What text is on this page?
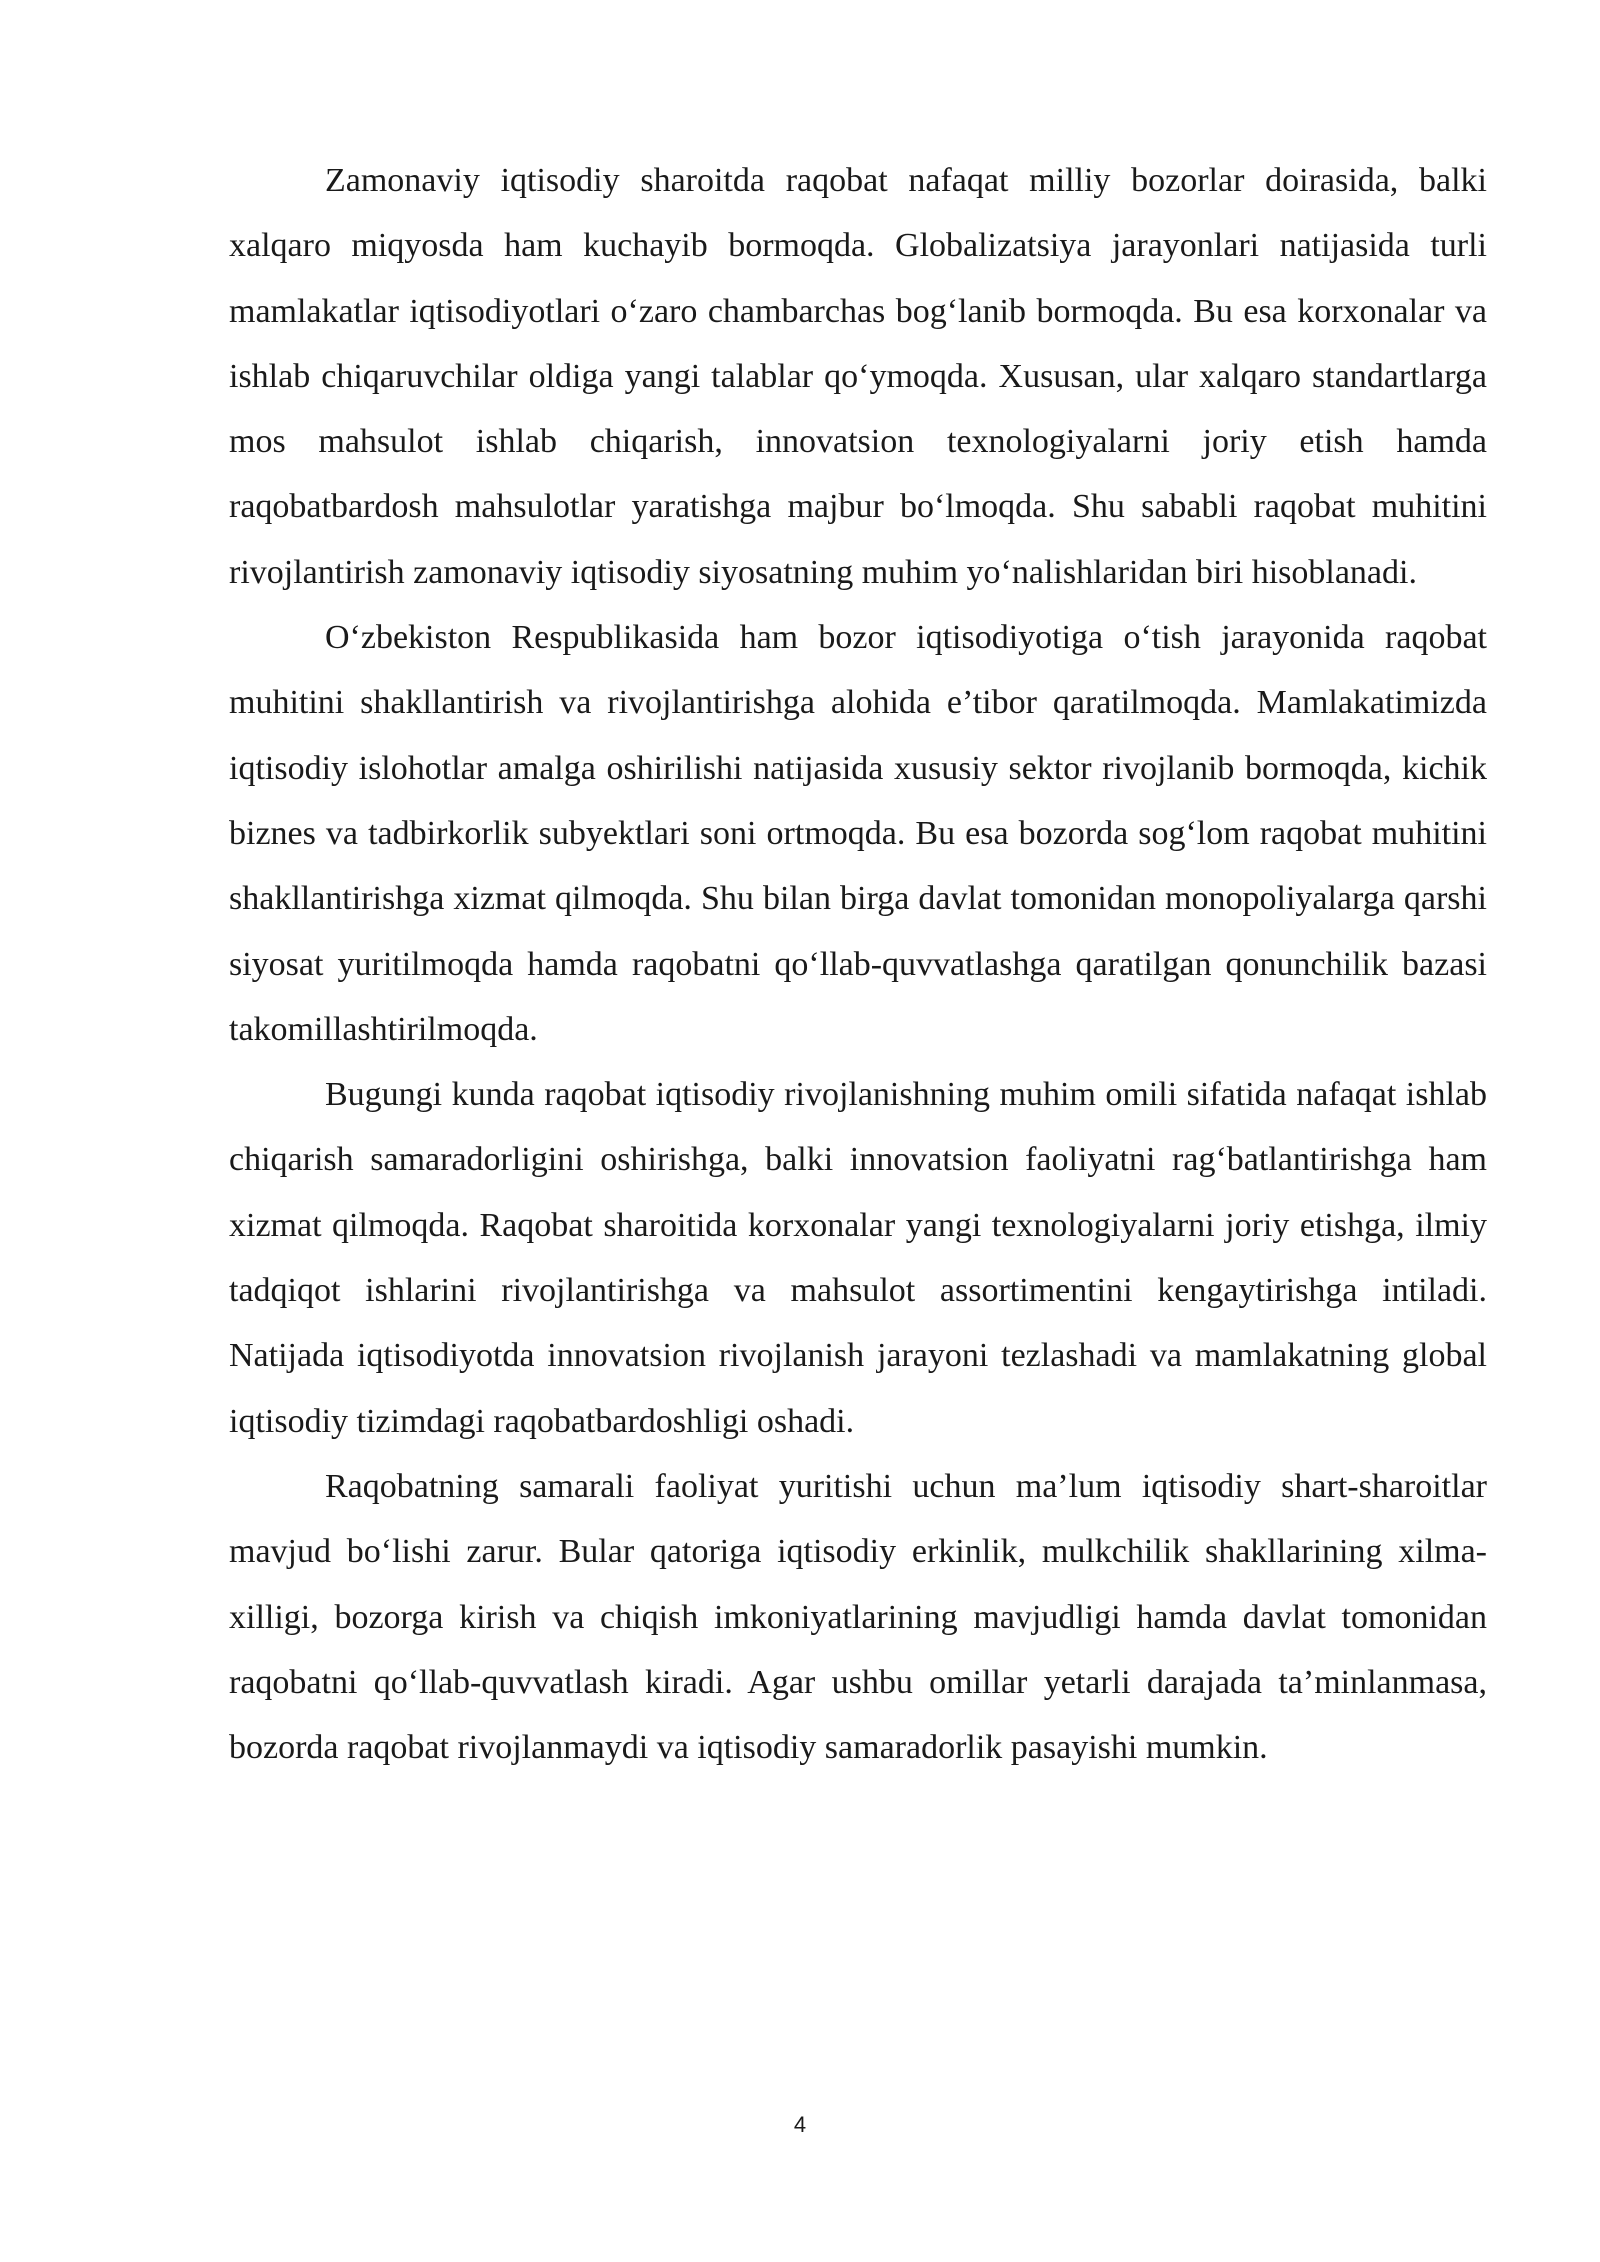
Zamonaviy iqtisodiy sharoitda raqobat nafaqat milliy bozorlar doirasida, balki xalqaro miqyosda ham kuchayib bormoqda. Globalizatsiya jarayonlari natijasida turli mamlakatlar iqtisodiyotlari o‘zaro chambarchas bog‘lanib bormoqda. Bu esa korxonalar va ishlab chiqaruvchilar oldiga yangi talablar qo‘ymoqda. Xususan, ular xalqaro standartlarga mos mahsulot ishlab chiqarish, innovatsion texnologiyalarni joriy etish hamda raqobatbardosh mahsulotlar yaratishga majbur bo‘lmoqda. Shu sababli raqobat muhitini rivojlantirish zamonaviy iqtisodiy siyosatning muhim yo‘nalishlaridan biri hisoblanadi.

O‘zbekiston Respublikasida ham bozor iqtisodiyotiga o‘tish jarayonida raqobat muhitini shakllantirish va rivojlantirishga alohida e’tibor qaratilmoqda. Mamlakatimizda iqtisodiy islohotlar amalga oshirilishi natijasida xususiy sektor rivojlanib bormoqda, kichik biznes va tadbirkorlik subyektlari soni ortmoqda. Bu esa bozorda sog‘lom raqobat muhitini shakllantirishga xizmat qilmoqda. Shu bilan birga davlat tomonidan monopoliyalarga qarshi siyosat yuritilmoqda hamda raqobatni qo‘llab-quvvatlashga qaratilgan qonunchilik bazasi takomillashtirilmoqda.

Bugungi kunda raqobat iqtisodiy rivojlanishning muhim omili sifatida nafaqat ishlab chiqarish samaradorligini oshirishga, balki innovatsion faoliyatni rag‘batlantirishga ham xizmat qilmoqda. Raqobat sharoitida korxonalar yangi texnologiyalarni joriy etishga, ilmiy tadqiqot ishlarini rivojlantirishga va mahsulot assortimentini kengaytirishga intiladi. Natijada iqtisodiyotda innovatsion rivojlanish jarayoni tezlashadi va mamlakatning global iqtisodiy tizimdagi raqobatbardoshligi oshadi.

Raqobatning samarali faoliyat yuritishi uchun ma’lum iqtisodiy shart-sharoitlar mavjud bo‘lishi zarur. Bular qatoriga iqtisodiy erkinlik, mulkchilik shakllarining xilma-xilligi, bozorga kirish va chiqish imkoniyatlarining mavjudligi hamda davlat tomonidan raqobatni qo‘llab-quvvatlash kiradi. Agar ushbu omillar yetarli darajada ta’minlanmasa, bozorda raqobat rivojlanmaydi va iqtisodiy samaradorlik pasayishi mumkin.

4
